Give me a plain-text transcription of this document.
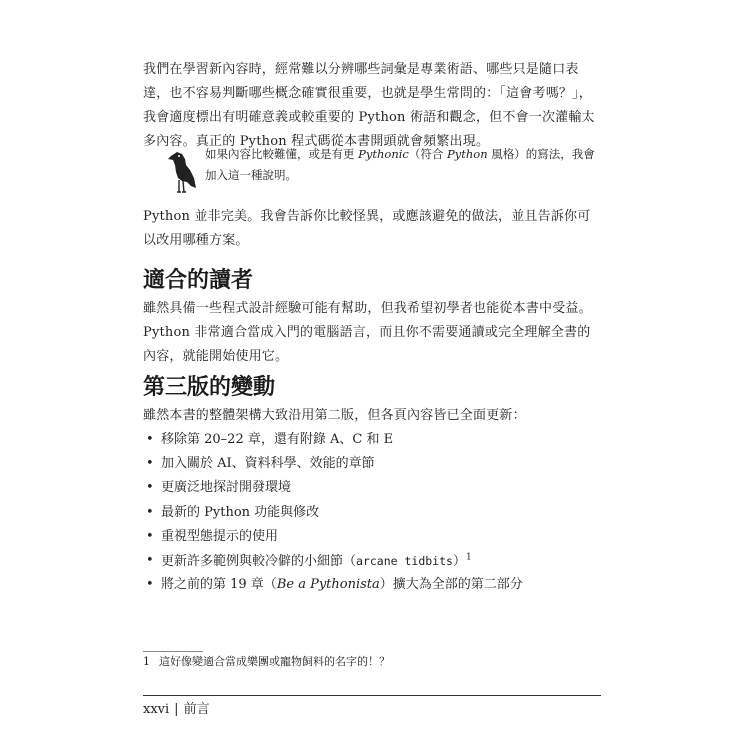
我們在學習新內容時，經常難以分辨哪些詞彙是專業術語、哪些只是隨口表達，也不容易判斷哪些概念確實很重要，也就是學生常問的：「這會考嗎？」，我會適度標出有明確意義或較重要的 Python 術語和觀念，但不會一次灌輸太多內容。真正的 Python 程式碼從本書開頭就會頻繁出現。

如果內容比較難懂，或是有更 Pythonic（符合 Python 風格）的寫法，我會加入這一種說明。

Python 並非完美。我會告訴你比較怪異，或應該避免的做法，並且告訴你可以改用哪種方案。

適合的讀者

雖然具備一些程式設計經驗可能有幫助，但我希望初學者也能從本書中受益。Python 非常適合當成入門的電腦語言，而且你不需要通讀或完全理解全書的內容，就能開始使用它。

第三版的變動

雖然本書的整體架構大致沿用第二版，但各頁內容皆已全面更新：

• 移除第 20–22 章，還有附錄 A、C 和 E
• 加入關於 AI、資料科學、效能的章節
• 更廣泛地探討開發環境
• 最新的 Python 功能與修改
• 重視型態提示的使用
• 更新許多範例與較冷僻的小細節（arcane tidbits）$^1$
• 將之前的第 19 章（Be a Pythonista）擴大為全部的第二部分

1 這好像變適合當成樂團或寵物飼料的名字的！？

xxvi | 前言
